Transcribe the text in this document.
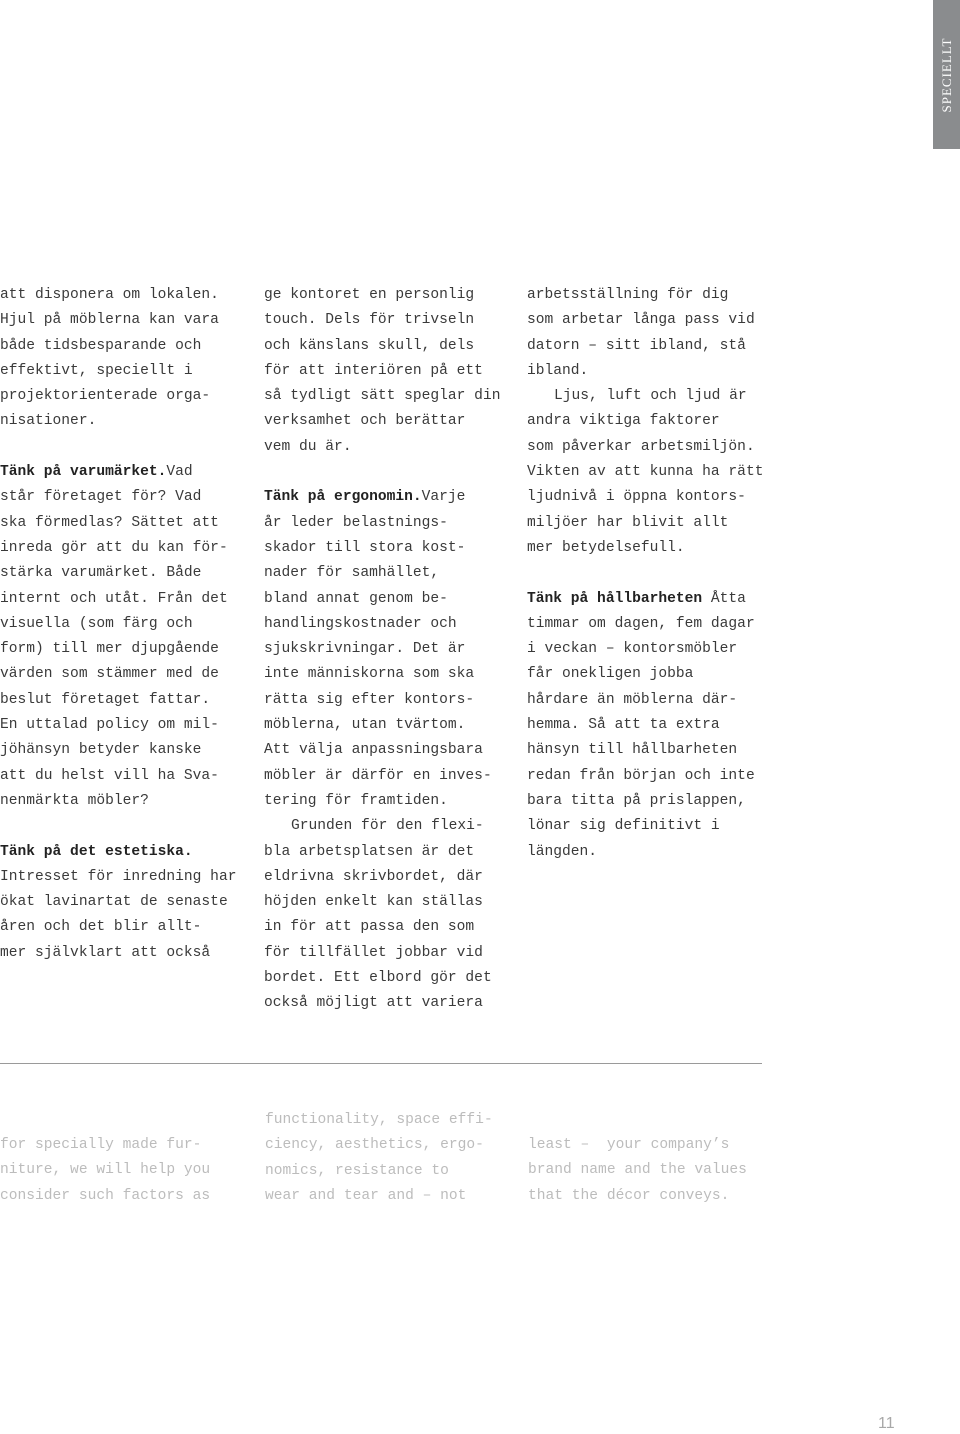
SPECIELLT
att disponera om lokalen.
Hjul på möblerna kan vara
både tidsbesparande och
effektivt, speciellt i
projektorienterade orga-
nisationer.
Tänk på varumärket.Vad
står företaget för? Vad
ska förmedlas? Sättet att
inreda gör att du kan för-
stärka varumärket. Både
internt och utåt. Från det
visuella (som färg och
form) till mer djupgående
värden som stämmer med de
beslut företaget fattar.
En uttalad policy om mil-
jöhänsyn betyder kanske
att du helst vill ha Sva-
nenmärkta möbler?
Tänk på det estetiska.
Intresset för inredning har
ökat lavinartat de senaste
åren och det blir allt-
mer självklart att också
ge kontoret en personlig
touch. Dels för trivseln
och känslans skull, dels
för att interiören på ett
så tydligt sätt speglar din
verksamhet och berättar
vem du är.
Tänk på ergonomin.Varje
år leder belastnings-
skador till stora kost-
nader för samhället,
bland annat genom be-
handlingskostnader och
sjukskrivningar. Det är
inte människorna som ska
rätta sig efter kontors-
möblerna, utan tvärtom.
Att välja anpassningsbara
möbler är därför en inves-
tering för framtiden.
Grunden för den flexi-
bla arbetsplatsen är det
eldrivna skrivbordet, där
höjden enkelt kan ställas
in för att passa den som
för tillfället jobbar vid
bordet. Ett elbord gör det
också möjligt att variera
arbetsställning för dig
som arbetar långa pass vid
datorn – sitt ibland, stå
ibland.
Ljus, luft och ljud är
andra viktiga faktorer
som påverkar arbetsmiljön.
Vikten av att kunna ha rätt
ljudnivå i öppna kontors-
miljöer har blivit allt
mer betydelsefull.
Tänk på hållbarheten Åtta
timmar om dagen, fem dagar
i veckan – kontorsmöbler
får onekligen jobba
hårdare än möblerna där-
hemma. Så att ta extra
hänsyn till hållbarheten
redan från början och inte
bara titta på prislappen,
lönar sig definitivt i
längden.
for specially made fur-
niture, we will help you
consider such factors as
functionality, space effi-
ciency, aesthetics, ergo-
nomics, resistance to
wear and tear and – not
least –  your company’s
brand name and the values
that the décor conveys.
11
